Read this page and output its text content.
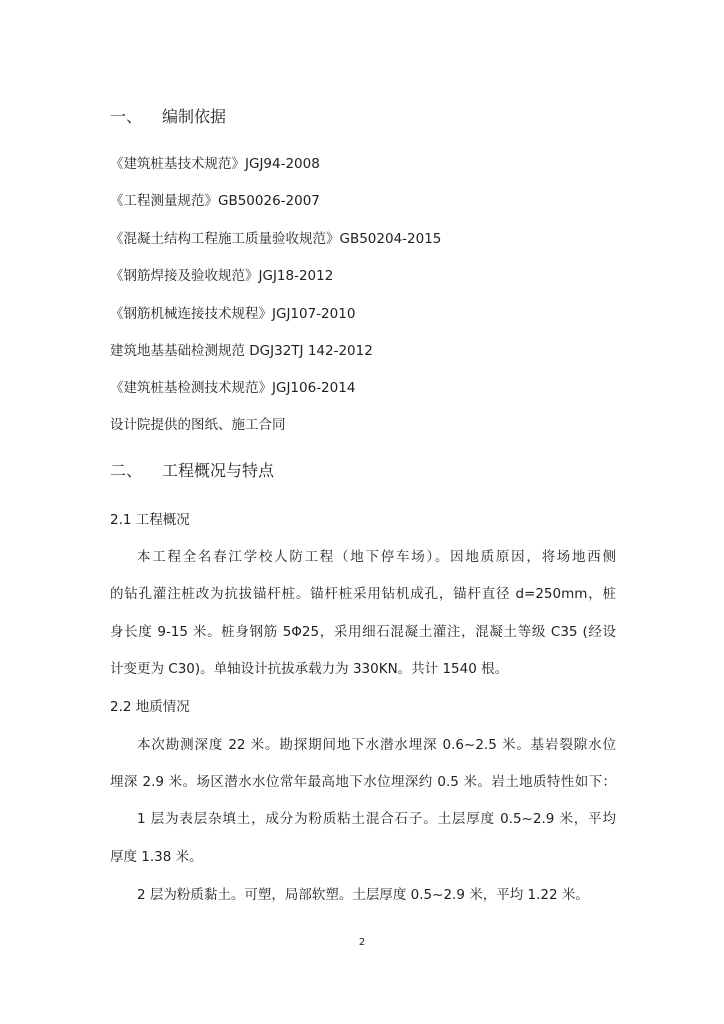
一、 编制依据
《建筑桩基技术规范》JGJ94-2008
《工程测量规范》GB50026-2007
《混凝土结构工程施工质量验收规范》GB50204-2015
《钢筋焊接及验收规范》JGJ18-2012
《钢筋机械连接技术规程》JGJ107-2010
建筑地基基础检测规范 DGJ32TJ 142-2012
《建筑桩基检测技术规范》JGJ106-2014
设计院提供的图纸、施工合同
二、 工程概况与特点
2.1 工程概况
本工程全名春江学校人防工程（地下停车场）。因地质原因，将场地西侧
的钻孔灌注桩改为抗拔锚杆桩。锚杆桩采用钻机成孔，锚杆直径 d=250mm，桩
身长度 9-15 米。桩身钢筋 5Φ25，采用细石混凝土灌注，混凝土等级 C35 (经设
计变更为 C30)。单轴设计抗拔承载力为 330KN。共计 1540 根。
2.2 地质情况
本次勘测深度 22 米。勘探期间地下水潜水埋深 0.6~2.5 米。基岩裂隙水位
埋深 2.9 米。场区潜水水位常年最高地下水位埋深约 0.5 米。岩土地质特性如下：
1 层为表层杂填土，成分为粉质粘土混合石子。土层厚度 0.5~2.9 米，平均
厚度 1.38 米。
2 层为粉质黏土。可塑，局部软塑。土层厚度 0.5~2.9 米，平均 1.22 米。
2
